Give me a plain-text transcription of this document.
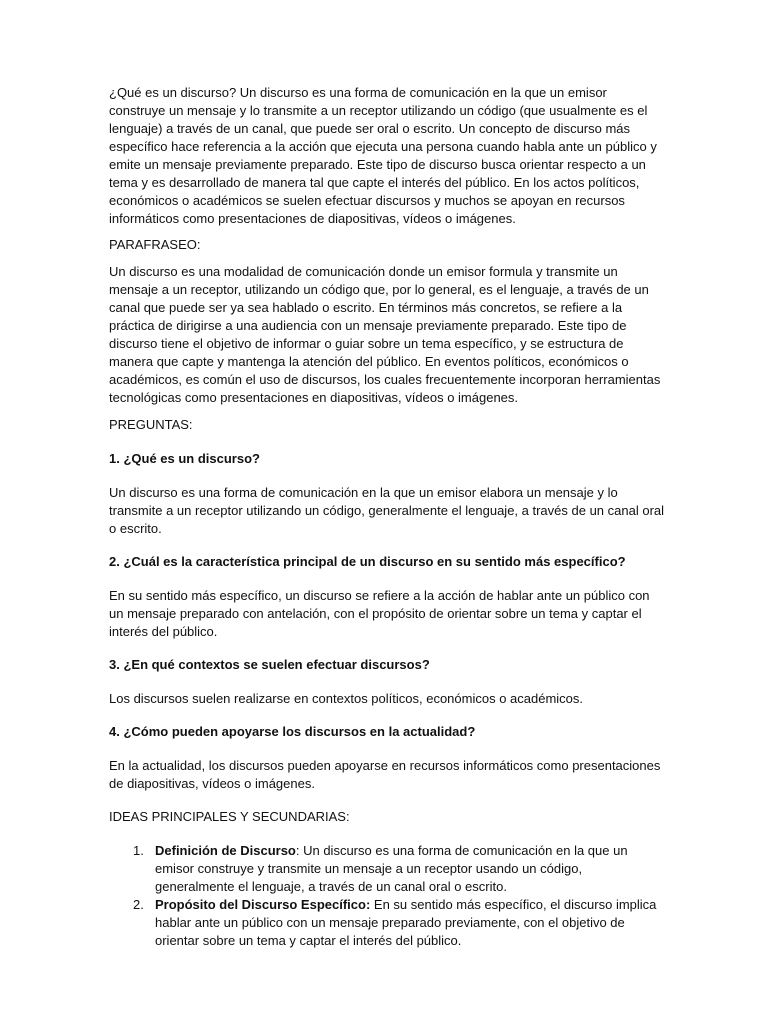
¿Qué es un discurso? Un discurso es una forma de comunicación en la que un emisor construye un mensaje y lo transmite a un receptor utilizando un código (que usualmente es el lenguaje) a través de un canal, que puede ser oral o escrito. Un concepto de discurso más específico hace referencia a la acción que ejecuta una persona cuando habla ante un público y emite un mensaje previamente preparado. Este tipo de discurso busca orientar respecto a un tema y es desarrollado de manera tal que capte el interés del público. En los actos políticos, económicos o académicos se suelen efectuar discursos y muchos se apoyan en recursos informáticos como presentaciones de diapositivas, vídeos o imágenes.

PARAFRASEO:

Un discurso es una modalidad de comunicación donde un emisor formula y transmite un mensaje a un receptor, utilizando un código que, por lo general, es el lenguaje, a través de un canal que puede ser ya sea hablado o escrito. En términos más concretos, se refiere a la práctica de dirigirse a una audiencia con un mensaje previamente preparado. Este tipo de discurso tiene el objetivo de informar o guiar sobre un tema específico, y se estructura de manera que capte y mantenga la atención del público. En eventos políticos, económicos o académicos, es común el uso de discursos, los cuales frecuentemente incorporan herramientas tecnológicas como presentaciones en diapositivas, vídeos o imágenes.

PREGUNTAS:

1. ¿Qué es un discurso?

Un discurso es una forma de comunicación en la que un emisor elabora un mensaje y lo transmite a un receptor utilizando un código, generalmente el lenguaje, a través de un canal oral o escrito.

2. ¿Cuál es la característica principal de un discurso en su sentido más específico?

En su sentido más específico, un discurso se refiere a la acción de hablar ante un público con un mensaje preparado con antelación, con el propósito de orientar sobre un tema y captar el interés del público.

3. ¿En qué contextos se suelen efectuar discursos?

Los discursos suelen realizarse en contextos políticos, económicos o académicos.

4. ¿Cómo pueden apoyarse los discursos en la actualidad?

En la actualidad, los discursos pueden apoyarse en recursos informáticos como presentaciones de diapositivas, vídeos o imágenes.

IDEAS PRINCIPALES Y SECUNDARIAS:

1. Definición de Discurso: Un discurso es una forma de comunicación en la que un emisor construye y transmite un mensaje a un receptor usando un código, generalmente el lenguaje, a través de un canal oral o escrito.
2. Propósito del Discurso Específico: En su sentido más específico, el discurso implica hablar ante un público con un mensaje preparado previamente, con el objetivo de orientar sobre un tema y captar el interés del público.
